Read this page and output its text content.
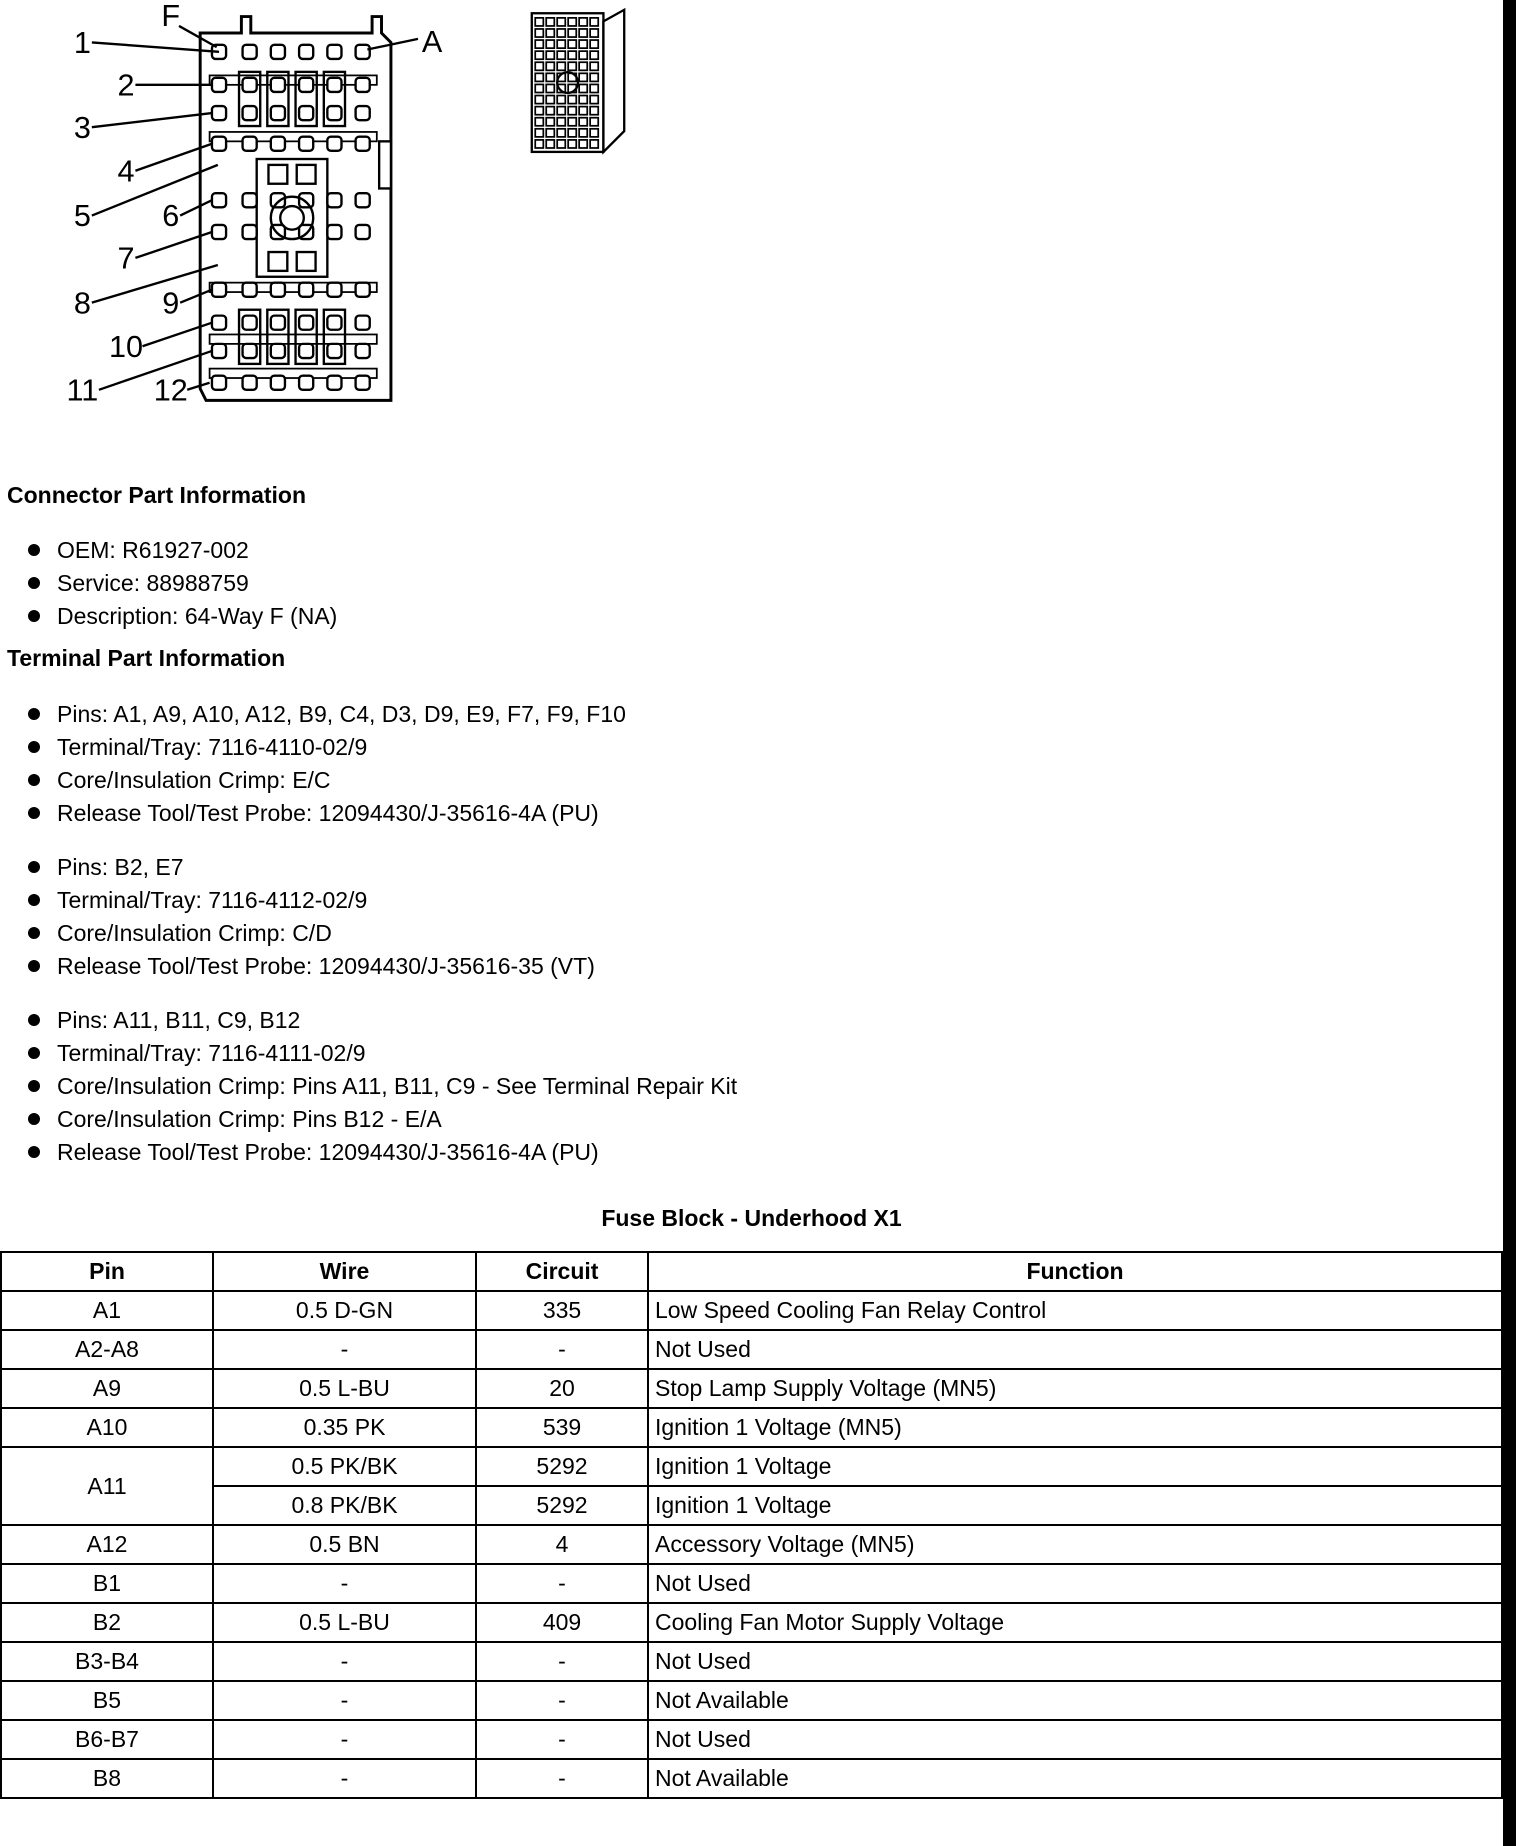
1
2
3
4
5	6
7
8	9
10
11 12
F
A
Connector Part Information
OEM: R61927-002
Service: 88988759
Description: 64-Way F (NA)
Terminal Part Information
Pins: A1, A9, A10, A12, B9, C4, D3, D9, E9, F7, F9, F10
Terminal/Tray: 7116-4110-02/9
Core/Insulation Crimp: E/C
Release Tool/Test Probe: 12094430/J-35616-4A (PU)
Pins: B2, E7
Terminal/Tray: 7116-4112-02/9
Core/Insulation Crimp: C/D
Release Tool/Test Probe: 12094430/J-35616-35 (VT)
Pins: A11, B11, C9, B12
Terminal/Tray: 7116-4111-02/9
Core/Insulation Crimp: Pins A11, B11, C9 - See Terminal Repair Kit
Core/Insulation Crimp: Pins B12 - E/A
Release Tool/Test Probe: 12094430/J-35616-4A (PU)
Fuse Block - Underhood X1
Pin	Wire	Circuit	Function
A1	0.5 D-GN	335	Low Speed Cooling Fan Relay Control
A2-A8	-	-	Not Used
A9	0.5 L-BU	20	Stop Lamp Supply Voltage (MN5)
A10	0.35 PK	539	Ignition 1 Voltage (MN5)
A11	0.5 PK/BK	5292	Ignition 1 Voltage
	0.8 PK/BK	5292	Ignition 1 Voltage
A12	0.5 BN	4	Accessory Voltage (MN5)
B1	-	-	Not Used
B2	0.5 L-BU	409	Cooling Fan Motor Supply Voltage
B3-B4	-	-	Not Used
B5	-	-	Not Available
B6-B7	-	-	Not Used
B8	-	-	Not Available
